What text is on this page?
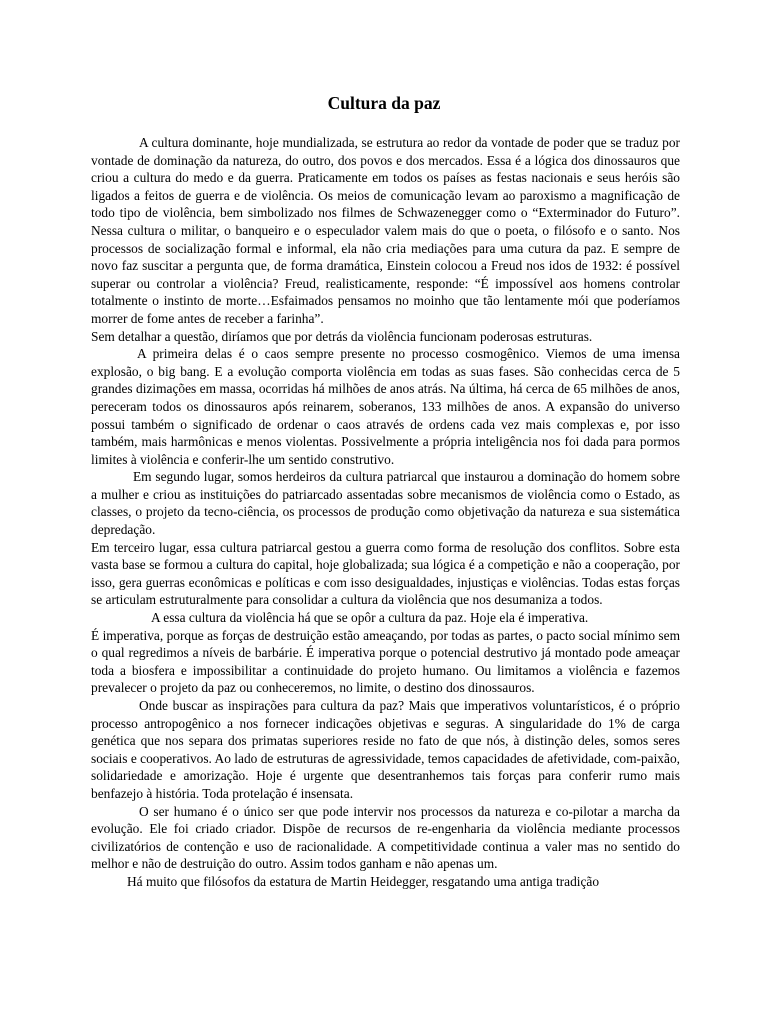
Cultura da paz

A cultura dominante, hoje mundializada, se estrutura ao redor da vontade de poder que se traduz por vontade de dominação da natureza, do outro, dos povos e dos mercados. Essa é a lógica dos dinossauros que criou a cultura do medo e da guerra. Praticamente em todos os países as festas nacionais e seus heróis são ligados a feitos de guerra e de violência. Os meios de comunicação levam ao paroxismo a magnificação de todo tipo de violência, bem simbolizado nos filmes de Schwazenegger como o “Exterminador do Futuro”. Nessa cultura o militar, o banqueiro e o especulador valem mais do que o poeta, o filósofo e o santo. Nos processos de socialização formal e informal, ela não cria mediações para uma cutura da paz. E sempre de novo faz suscitar a pergunta que, de forma dramática, Einstein colocou a Freud nos idos de 1932: é possível superar ou controlar a violência? Freud, realisticamente, responde: “É impossível aos homens controlar totalmente o instinto de morte…Esfaimados pensamos no moinho que tão lentamente mói que poderíamos morrer de fome antes de receber a farinha”.

Sem detalhar a questão, diríamos que por detrás da violência funcionam poderosas estruturas.

A primeira delas é o caos sempre presente no processo cosmogênico. Viemos de uma imensa explosão, o big bang. E a evolução comporta violência em todas as suas fases. São conhecidas cerca de 5 grandes dizimações em massa, ocorridas há milhões de anos atrás. Na última, há cerca de 65 milhões de anos, pereceram todos os dinossauros após reinarem, soberanos, 133 milhões de anos. A expansão do universo possui também o significado de ordenar o caos através de ordens cada vez mais complexas e, por isso também, mais harmônicas e menos violentas. Possivelmente a própria inteligência nos foi dada para pormos limites à violência e conferir-lhe um sentido construtivo.

Em segundo lugar, somos herdeiros da cultura patriarcal que instaurou a dominação do homem sobre a mulher e criou as instituições do patriarcado assentadas sobre mecanismos de violência como o Estado, as classes, o projeto da tecno-ciência, os processos de produção como objetivação da natureza e sua sistemática depredação.

Em terceiro lugar, essa cultura patriarcal gestou a guerra como forma de resolução dos conflitos. Sobre esta vasta base se formou a cultura do capital, hoje globalizada; sua lógica é a competição e não a cooperação, por isso, gera guerras econômicas e políticas e com isso desigualdades, injustiças e violências. Todas estas forças se articulam estruturalmente para consolidar a cultura da violência que nos desumaniza a todos.

A essa cultura da violência há que se opôr a cultura da paz. Hoje ela é imperativa.

É imperativa, porque as forças de destruição estão ameaçando, por todas as partes, o pacto social mínimo sem o qual regredimos a níveis de barbárie. É imperativa porque o potencial destrutivo já montado pode ameaçar toda a biosfera e impossibilitar a continuidade do projeto humano. Ou limitamos a violência e fazemos prevalecer o projeto da paz ou conheceremos, no limite, o destino dos dinossauros.

Onde buscar as inspirações para cultura da paz? Mais que imperativos voluntarísticos, é o próprio processo antropogênico a nos fornecer indicações objetivas e seguras. A singularidade do 1% de carga genética que nos separa dos primatas superiores reside no fato de que nós, à distinção deles, somos seres sociais e cooperativos. Ao lado de estruturas de agressividade, temos capacidades de afetividade, com-paixão, solidariedade e amorização. Hoje é urgente que desentranhemos tais forças para conferir rumo mais benfazejo à história. Toda protelação é insensata.

O ser humano é o único ser que pode intervir nos processos da natureza e co-pilotar a marcha da evolução. Ele foi criado criador. Dispõe de recursos de re-engenharia da violência mediante processos civilizatórios de contenção e uso de racionalidade. A competitividade continua a valer mas no sentido do melhor e não de destruição do outro. Assim todos ganham e não apenas um.

Há muito que filósofos da estatura de Martin Heidegger, resgatando uma antiga tradição
